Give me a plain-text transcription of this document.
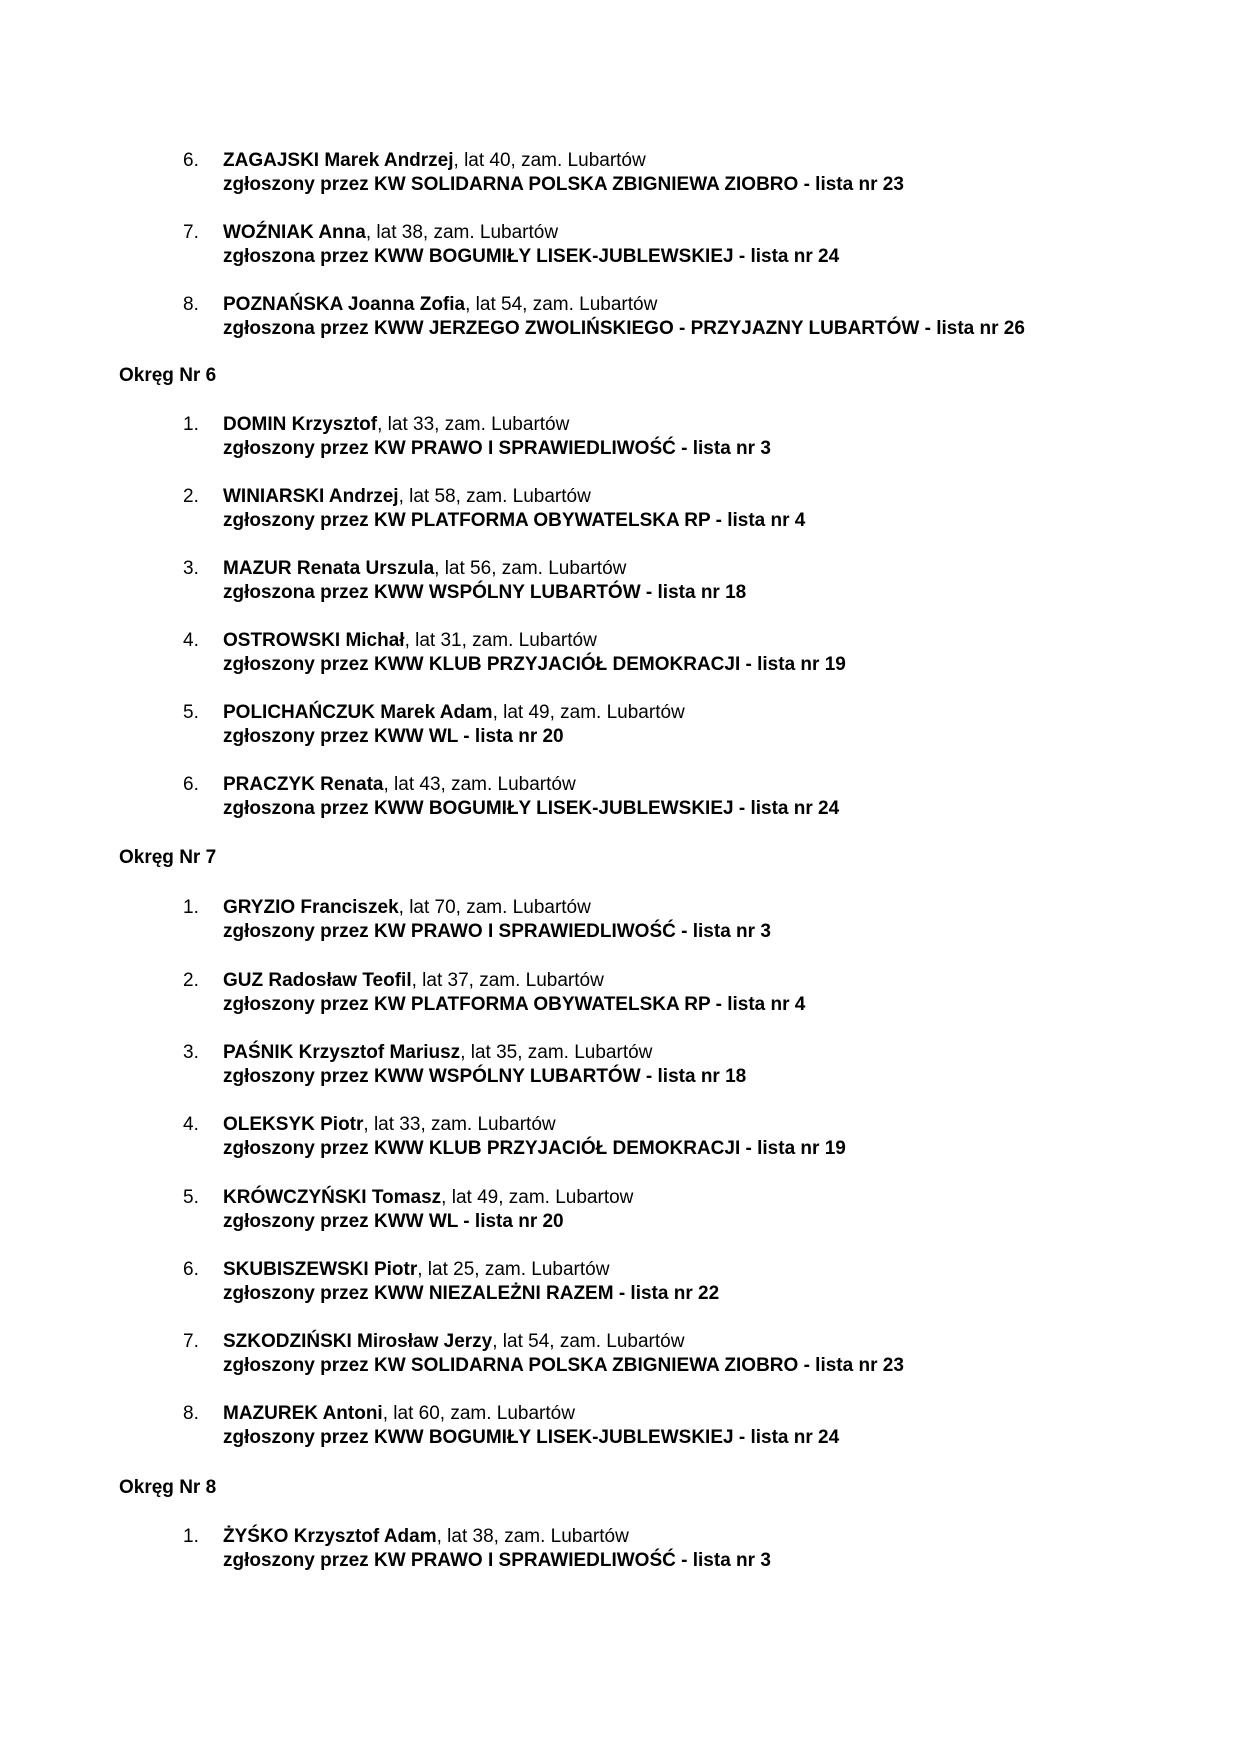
6.	ZAGAJSKI Marek Andrzej, lat 40, zam. Lubartów
zgłoszony przez KW SOLIDARNA POLSKA ZBIGNIEWA ZIOBRO - lista nr 23
7.	WOŹNIAK Anna, lat 38, zam. Lubartów
zgłoszona przez KWW BOGUMIŁY LISEK-JUBLEWSKIEJ - lista nr 24
8.	POZNAŃSKA Joanna Zofia, lat 54, zam. Lubartów
zgłoszona przez KWW JERZEGO ZWOLIŃSKIEGO - PRZYJAZNY LUBARTÓW - lista nr 26
Okręg Nr 6
1.	DOMIN Krzysztof, lat 33, zam. Lubartów
zgłoszony przez KW PRAWO I SPRAWIEDLIWOŚĆ - lista nr 3
2.	WINIARSKI Andrzej, lat 58, zam. Lubartów
zgłoszony przez KW PLATFORMA OBYWATELSKA RP - lista nr 4
3.	MAZUR Renata Urszula, lat 56, zam. Lubartów
zgłoszona przez KWW WSPÓLNY LUBARTÓW - lista nr 18
4.	OSTROWSKI Michał, lat 31, zam. Lubartów
zgłoszony przez KWW KLUB PRZYJACIÓŁ DEMOKRACJI - lista nr 19
5.	POLICHAŃCZUK Marek Adam, lat 49, zam. Lubartów
zgłoszony przez KWW WL - lista nr 20
6.	PRACZYK Renata, lat 43, zam. Lubartów
zgłoszona przez KWW BOGUMIŁY LISEK-JUBLEWSKIEJ - lista nr 24
Okręg Nr 7
1.	GRYZIO Franciszek, lat 70, zam. Lubartów
zgłoszony przez KW PRAWO I SPRAWIEDLIWOŚĆ - lista nr 3
2.	GUZ Radosław Teofil, lat 37, zam. Lubartów
zgłoszony przez KW PLATFORMA OBYWATELSKA RP - lista nr 4
3.	PAŚNIK Krzysztof Mariusz, lat 35, zam. Lubartów
zgłoszony przez KWW WSPÓLNY LUBARTÓW - lista nr 18
4.	OLEKSYK Piotr, lat 33, zam. Lubartów
zgłoszony przez KWW KLUB PRZYJACIÓŁ DEMOKRACJI - lista nr 19
5.	KRÓWCZYŃSKI Tomasz, lat 49, zam. Lubartow
zgłoszony przez KWW WL - lista nr 20
6.	SKUBISZEWSKI Piotr, lat 25, zam. Lubartów
zgłoszony przez KWW NIEZALEŻNI RAZEM - lista nr 22
7.	SZKODZIŃSKI Mirosław Jerzy, lat 54, zam. Lubartów
zgłoszony przez KW SOLIDARNA POLSKA ZBIGNIEWA ZIOBRO - lista nr 23
8.	MAZUREK Antoni, lat 60, zam. Lubartów
zgłoszony przez KWW BOGUMIŁY LISEK-JUBLEWSKIEJ - lista nr 24
Okręg Nr 8
1.	ŻYŚKO Krzysztof Adam, lat 38, zam. Lubartów
zgłoszony przez KW PRAWO I SPRAWIEDLIWOŚĆ - lista nr 3
